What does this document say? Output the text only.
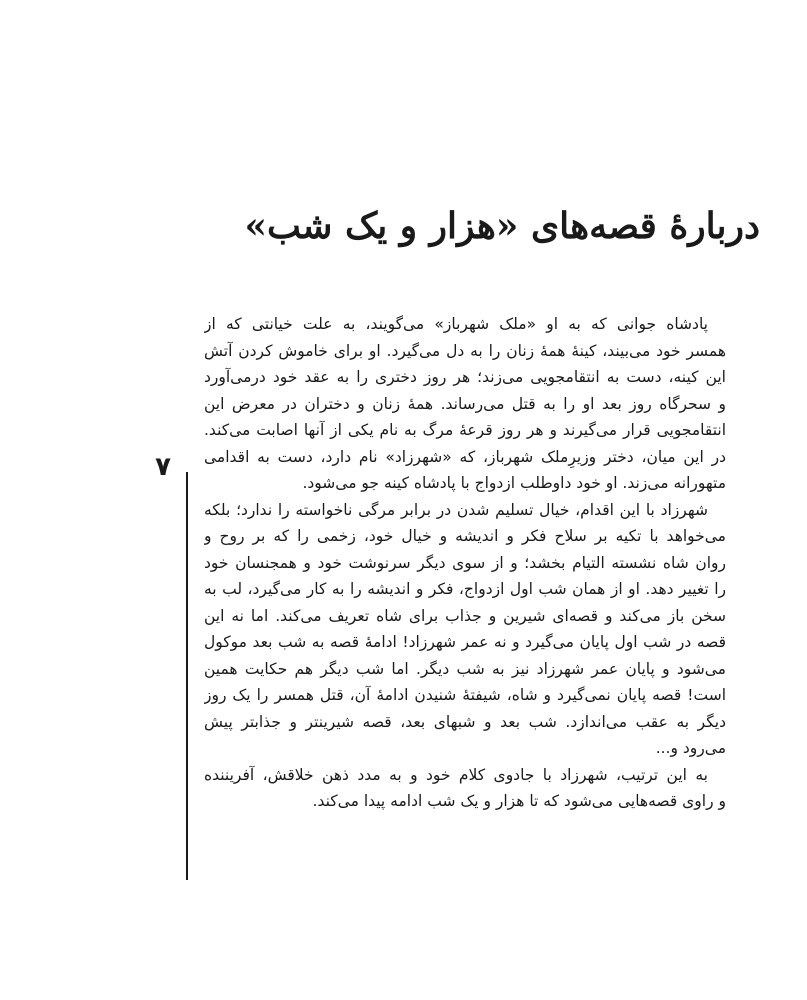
دربارهٔ قصه‌های «هزار و یک شب»
۷
پادشاه جوانی که به او «ملک شهرباز» می‌گویند، به علت خیانتی که از
همسر خود می‌بیند، کینهٔ همهٔ زنان را به دل می‌گیرد. او برای خاموش کردن آتش
این کینه، دست به انتقامجویی می‌زند؛ هر روز دختری را به عقد خود درمی‌آورد
و سحرگاه روز بعد او را به قتل می‌رساند. همهٔ زنان و دختران در معرض این
انتقامجویی قرار می‌گیرند و هر روز قرعهٔ مرگ به نام یکی از آنها اصابت می‌کند.
در این میان، دختر وزیرِملک شهرباز، که «شهرزاد» نام دارد، دست به اقدامی
متهورانه می‌زند. او خود داوطلب ازدواج با پادشاه کینه جو می‌شود.
شهرزاد با این اقدام، خیال تسلیم شدن در برابر مرگی ناخواسته را ندارد؛ بلکه
می‌خواهد با تکیه بر سلاح فکر و اندیشه و خیال خود، زخمی را که بر روح و
روان شاه نشسته التیام بخشد؛ و از سوی دیگر سرنوشت خود و همجنسان خود
را تغییر دهد. او از همان شب اول ازدواج، فکر و اندیشه را به کار می‌گیرد، لب به
سخن باز می‌کند و قصه‌ای شیرین و جذاب برای شاه تعریف می‌کند. اما نه این
قصه در شب اول پایان می‌گیرد و نه عمر شهرزاد! ادامهٔ قصه به شب بعد موکول
می‌شود و پایان عمر شهرزاد نیز به شب دیگر. اما شب دیگر هم حکایت همین
است! قصه پایان نمی‌گیرد و شاه، شیفتهٔ شنیدن ادامهٔ آن، قتل همسر را یک روز
دیگر به عقب می‌اندازد. شب بعد و شبهای بعد، قصه شیرینتر و جذابتر پیش
می‌رود و...
به این ترتیب، شهرزاد با جادوی کلام خود و به مدد ذهن خلاقش، آفریننده
و راوی قصه‌هایی می‌شود که تا هزار و یک شب ادامه پیدا می‌کند.
